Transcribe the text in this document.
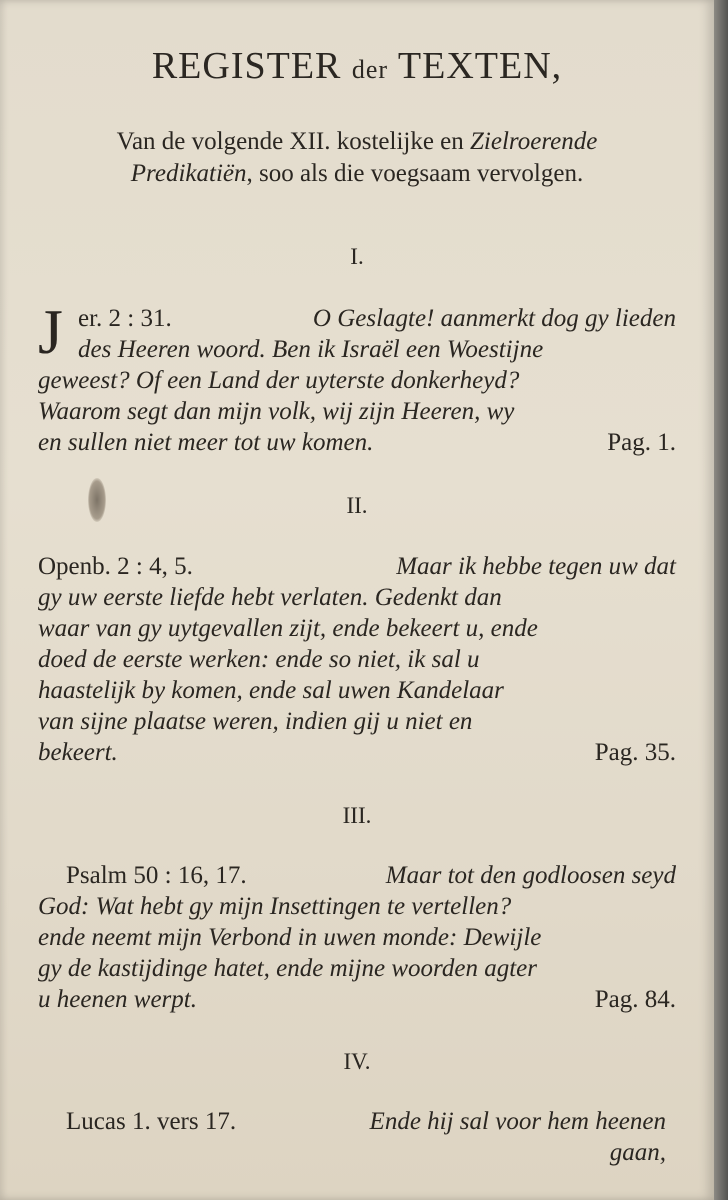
REGISTER der TEXTEN,
Van de volgende XII. kostelijke en Zielroerende
Predikatiën, soo als die voegsaam vervolgen.
I.
J er. 2 : 31.	O Geslagte! aanmerkt dog gy lieden
des Heeren woord. Ben ik Israël een Woestijne
geweest? Of een Land der uyterste donkerheyd?
Waarom segt dan mijn volk, wij zijn Heeren, wy
en sullen niet meer tot uw komen.	Pag. 1.
II.
Openb. 2 : 4, 5.	Maar ik hebbe tegen uw dat
gy uw eerste liefde hebt verlaten. Gedenkt dan
waar van gy uytgevallen zijt, ende bekeert u, ende
doed de eerste werken: ende so niet, ik sal u
haastelijk by komen, ende sal uwen Kandelaar
van sijne plaatse weren, indien gij u niet en
bekeert.	Pag. 35.
III.
Psalm 50 : 16, 17.	Maar tot den godloosen seyd
God: Wat hebt gy mijn Insettingen te vertellen?
ende neemt mijn Verbond in uwen monde: Dewijle
gy de kastijdinge hatet, ende mijne woorden agter
u heenen werpt.	Pag. 84.
IV.
Lucas 1. vers 17.	Ende hij sal voor hem heenen
gaan,
